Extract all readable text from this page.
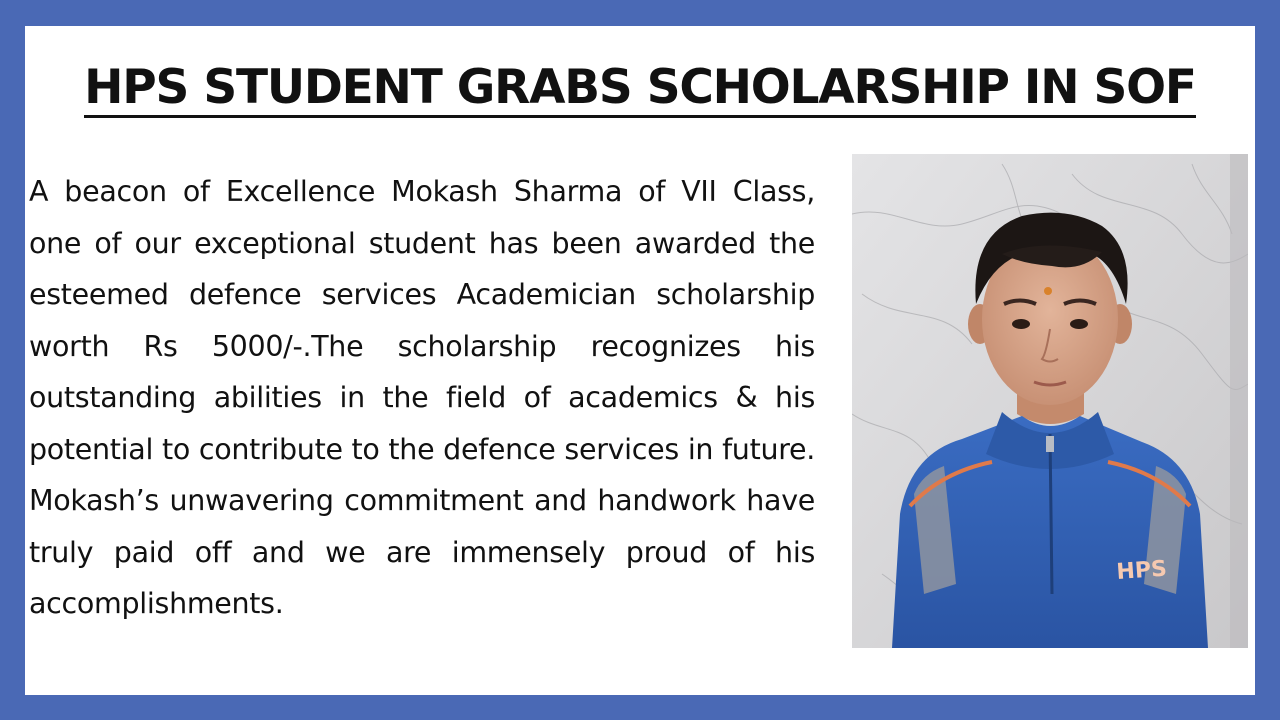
HPS STUDENT GRABS SCHOLARSHIP IN SOF

A beacon of Excellence Mokash Sharma of VII Class, one of our exceptional student has been awarded the esteemed defence services Academician scholarship worth Rs 5000/-.The scholarship recognizes his outstanding abilities in the field of academics & his potential to contribute to the defence services in future. Mokash’s unwavering commitment and handwork have truly paid off and we are immensely proud of his accomplishments.

HPS
